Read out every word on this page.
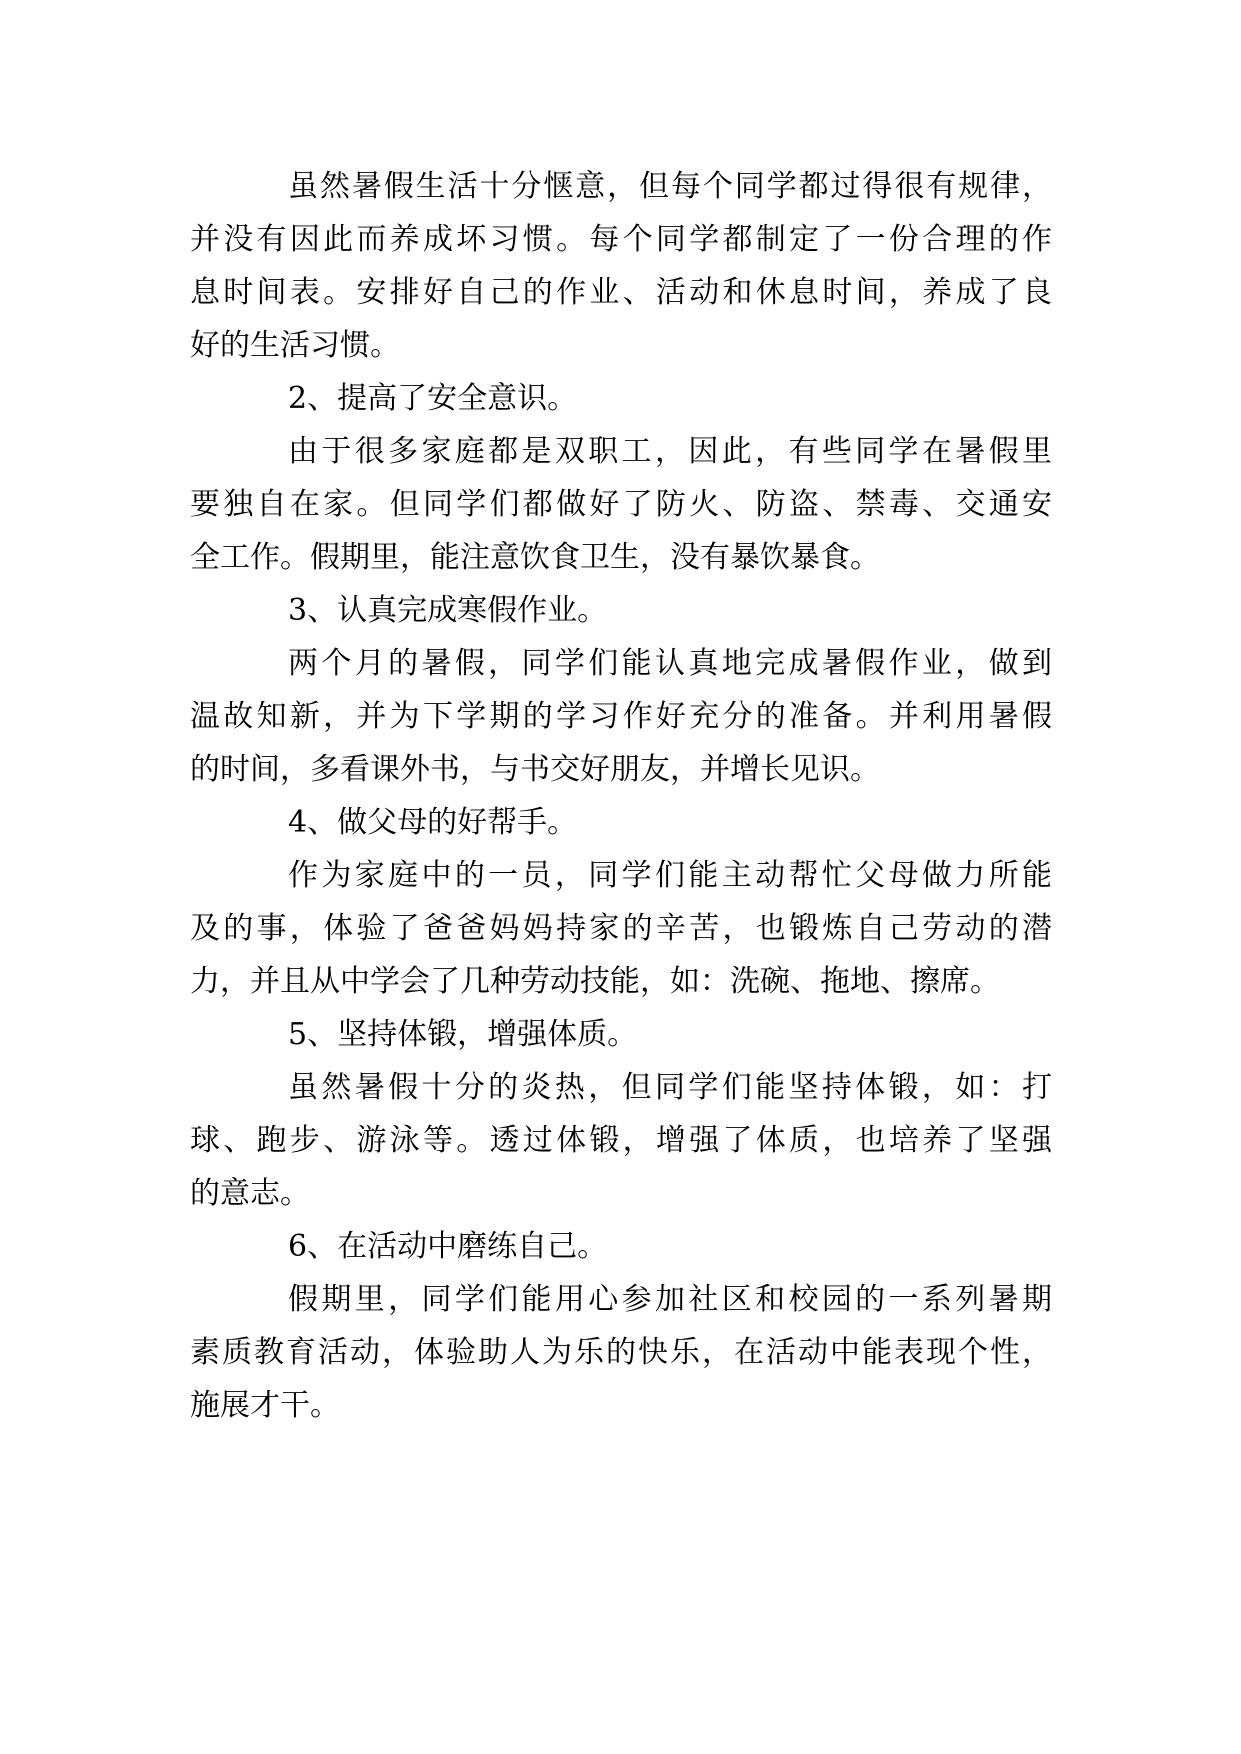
虽然暑假生活十分惬意，但每个同学都过得很有规律，
并没有因此而养成坏习惯。每个同学都制定了一份合理的作
息时间表。安排好自己的作业、活动和休息时间，养成了良
好的生活习惯。
2、提高了安全意识。
由于很多家庭都是双职工，因此，有些同学在暑假里
要独自在家。但同学们都做好了防火、防盗、禁毒、交通安
全工作。假期里，能注意饮食卫生，没有暴饮暴食。
3、认真完成寒假作业。
两个月的暑假，同学们能认真地完成暑假作业，做到
温故知新，并为下学期的学习作好充分的准备。并利用暑假
的时间，多看课外书，与书交好朋友，并增长见识。
4、做父母的好帮手。
作为家庭中的一员，同学们能主动帮忙父母做力所能
及的事，体验了爸爸妈妈持家的辛苦，也锻炼自己劳动的潜
力，并且从中学会了几种劳动技能，如：洗碗、拖地、擦席。
5、坚持体锻，增强体质。
虽然暑假十分的炎热，但同学们能坚持体锻，如：打
球、跑步、游泳等。透过体锻，增强了体质，也培养了坚强
的意志。
6、在活动中磨练自己。
假期里，同学们能用心参加社区和校园的一系列暑期
素质教育活动，体验助人为乐的快乐，在活动中能表现个性，
施展才干。
